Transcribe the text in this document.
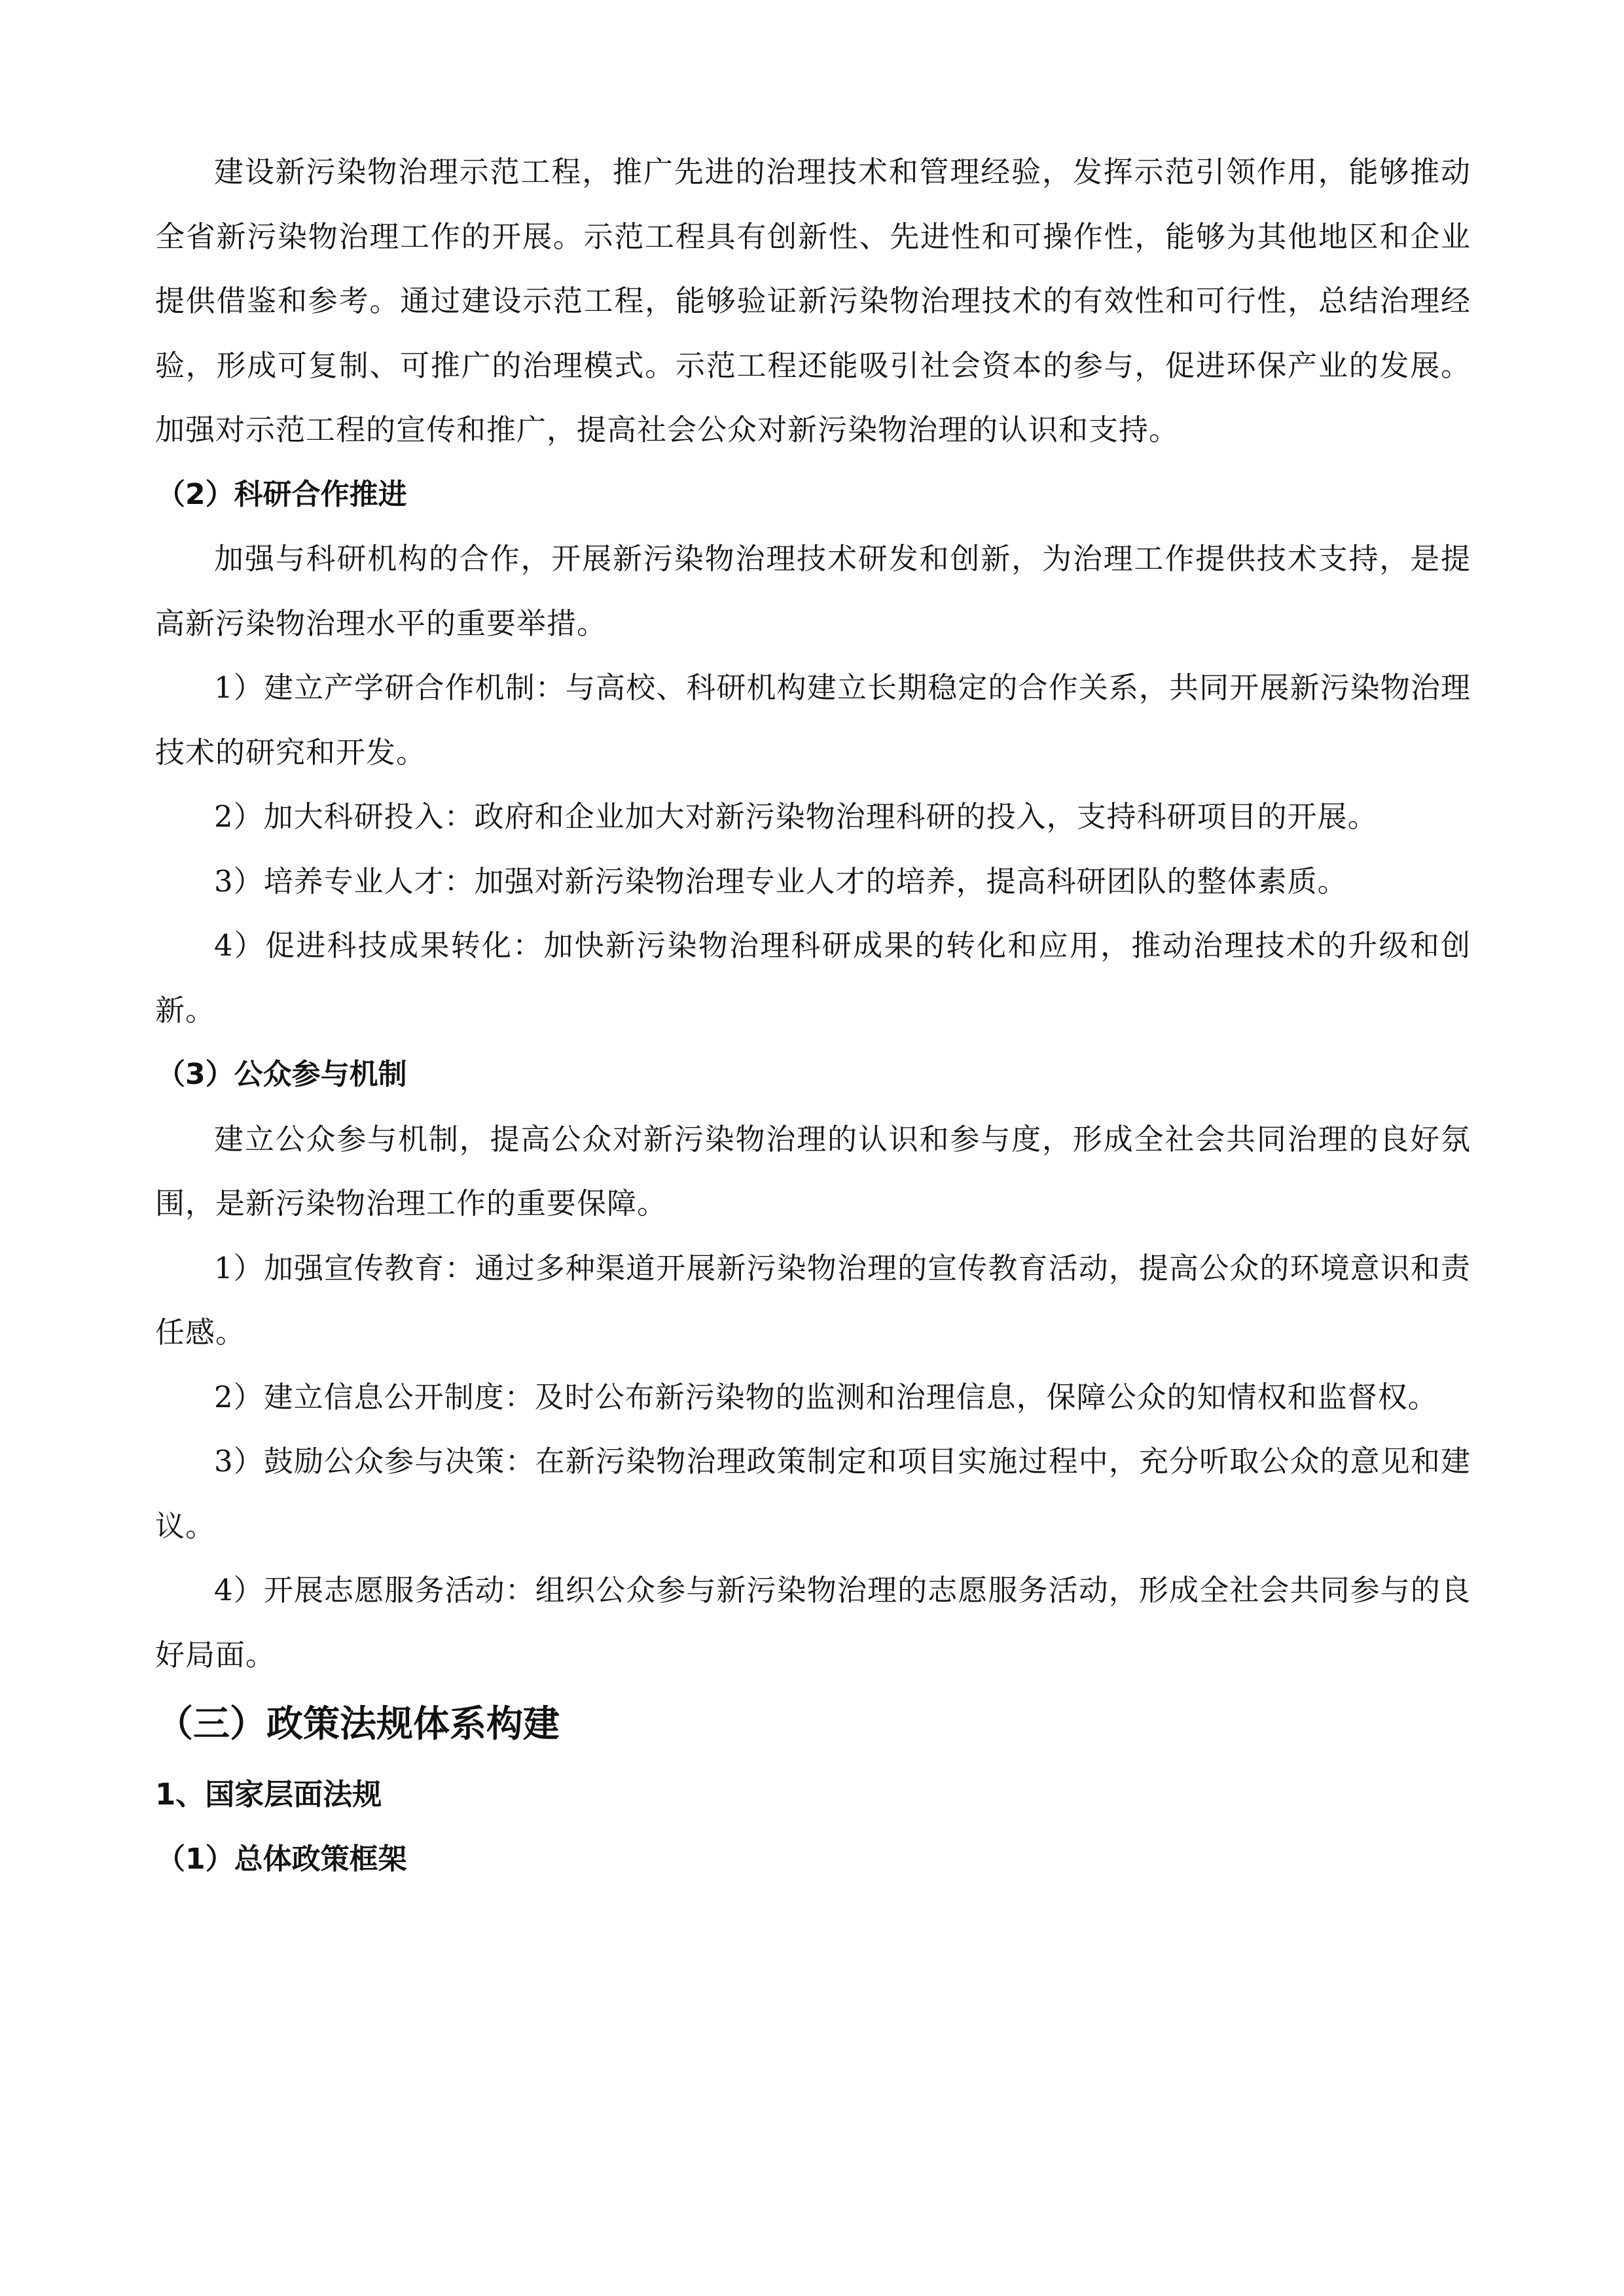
建设新污染物治理示范工程，推广先进的治理技术和管理经验，发挥示范引领作用，能够推动全省新污染物治理工作的开展。示范工程具有创新性、先进性和可操作性，能够为其他地区和企业提供借鉴和参考。通过建设示范工程，能够验证新污染物治理技术的有效性和可行性，总结治理经验，形成可复制、可推广的治理模式。示范工程还能吸引社会资本的参与，促进环保产业的发展。加强对示范工程的宣传和推广，提高社会公众对新污染物治理的认识和支持。

（2）科研合作推进

加强与科研机构的合作，开展新污染物治理技术研发和创新，为治理工作提供技术支持，是提高新污染物治理水平的重要举措。

1）建立产学研合作机制：与高校、科研机构建立长期稳定的合作关系，共同开展新污染物治理技术的研究和开发。

2）加大科研投入：政府和企业加大对新污染物治理科研的投入，支持科研项目的开展。

3）培养专业人才：加强对新污染物治理专业人才的培养，提高科研团队的整体素质。

4）促进科技成果转化：加快新污染物治理科研成果的转化和应用，推动治理技术的升级和创新。

（3）公众参与机制

建立公众参与机制，提高公众对新污染物治理的认识和参与度，形成全社会共同治理的良好氛围，是新污染物治理工作的重要保障。

1）加强宣传教育：通过多种渠道开展新污染物治理的宣传教育活动，提高公众的环境意识和责任感。

2）建立信息公开制度：及时公布新污染物的监测和治理信息，保障公众的知情权和监督权。

3）鼓励公众参与决策：在新污染物治理政策制定和项目实施过程中，充分听取公众的意见和建议。

4）开展志愿服务活动：组织公众参与新污染物治理的志愿服务活动，形成全社会共同参与的良好局面。

（三）政策法规体系构建

1、国家层面法规

（1）总体政策框架
